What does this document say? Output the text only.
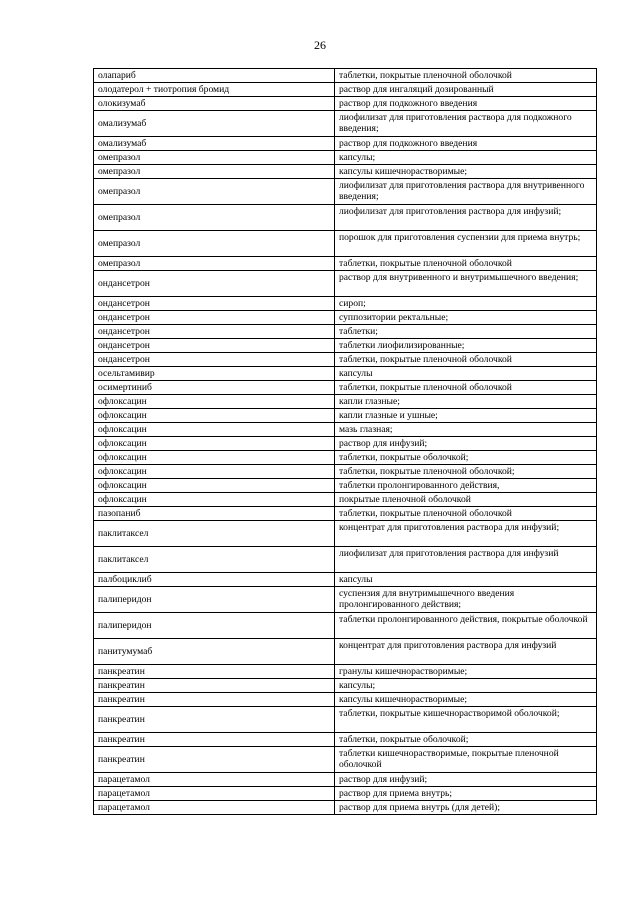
26
олапариб	таблетки, покрытые пленочной оболочкой
олодатерол + тиотропия бромид	раствор для ингаляций дозированный
олокизумаб	раствор для подкожного введения
омализумаб	лиофилизат для приготовления раствора для подкожного введения;
омализумаб	раствор для подкожного введения
омепразол	капсулы;
омепразол	капсулы кишечнорастворимые;
омепразол	лиофилизат для приготовления раствора для внутривенного введения;
омепразол	лиофилизат для приготовления раствора для инфузий;
омепразол	порошок для приготовления суспензии для приема внутрь;
омепразол	таблетки, покрытые пленочной оболочкой
ондансетрон	раствор для внутривенного и внутримышечного введения;
ондансетрон	сироп;
ондансетрон	суппозитории ректальные;
ондансетрон	таблетки;
ондансетрон	таблетки лиофилизированные;
ондансетрон	таблетки, покрытые пленочной оболочкой
осельтамивир	капсулы
осимертиниб	таблетки, покрытые пленочной оболочкой
офлоксацин	капли глазные;
офлоксацин	капли глазные и ушные;
офлоксацин	мазь глазная;
офлоксацин	раствор для инфузий;
офлоксацин	таблетки, покрытые оболочкой;
офлоксацин	таблетки, покрытые пленочной оболочкой;
офлоксацин	таблетки пролонгированного действия,
офлоксацин	покрытые пленочной оболочкой
пазопаниб	таблетки, покрытые пленочной оболочкой
паклитаксел	концентрат для приготовления раствора для инфузий;
паклитаксел	лиофилизат для приготовления раствора для инфузий
палбоциклиб	капсулы
палиперидон	суспензия для внутримышечного введения пролонгированного действия;
палиперидон	таблетки пролонгированного действия, покрытые оболочкой
панитумумаб	концентрат для приготовления раствора для инфузий
панкреатин	гранулы кишечнорастворимые;
панкреатин	капсулы;
панкреатин	капсулы кишечнорастворимые;
панкреатин	таблетки, покрытые кишечнорастворимой оболочкой;
панкреатин	таблетки, покрытые оболочкой;
панкреатин	таблетки кишечнорастворимые, покрытые пленочной оболочкой
парацетамол	раствор для инфузий;
парацетамол	раствор для приема внутрь;
парацетамол	раствор для приема внутрь (для детей);
